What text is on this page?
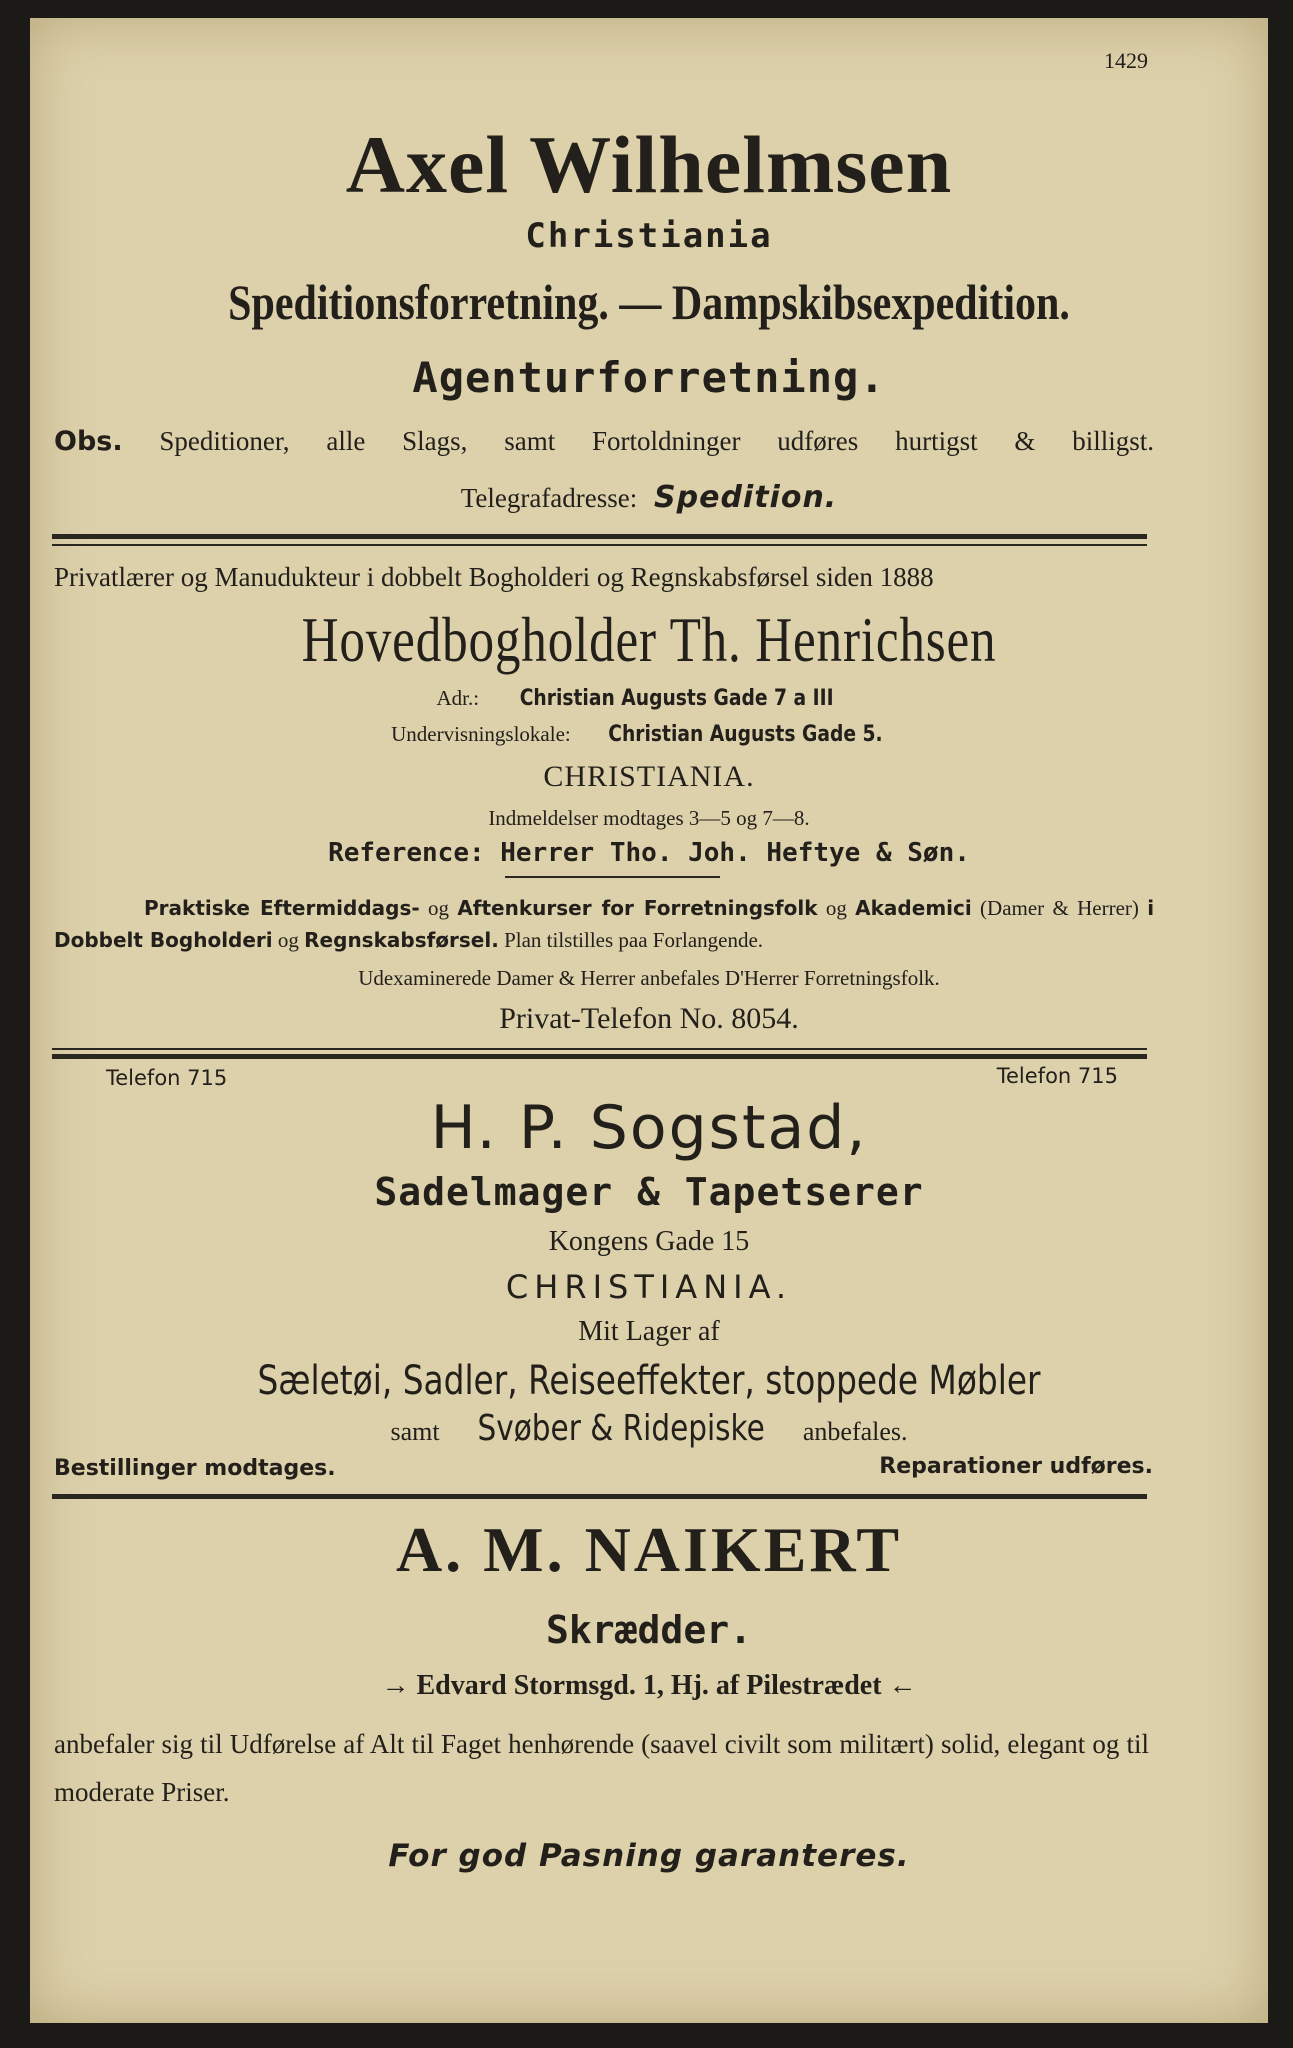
1429
Axel Wilhelmsen
Christiania
Speditionsforretning. — Dampskibsexpedition.
Agenturforretning.
Obs. Speditioner, alle Slags, samt Fortoldninger udføres hurtigst & billigst.
Telegrafadresse: Spedition.
Privatlærer og Manudukteur i dobbelt Bogholderi og Regnskabsførsel siden 1888
Hovedbogholder Th. Henrichsen
Adr.: Christian Augusts Gade 7 a III
Undervisningslokale: Christian Augusts Gade 5.
CHRISTIANIA.
Indmeldelser modtages 3—5 og 7—8.
Reference: Herrer Tho. Joh. Heftye & Søn.
Praktiske Eftermiddags- og Aftenkurser for Forretningsfolk og Akademici (Damer & Herrer) i Dobbelt Bogholderi og Regnskabsførsel. Plan tilstilles paa Forlangende.
Udexaminerede Damer & Herrer anbefales D'Herrer Forretningsfolk.
Privat-Telefon No. 8054.
Telefon 715	Telefon 715
H. P. Sogstad,
Sadelmager & Tapetserer
Kongens Gade 15
CHRISTIANIA.
Mit Lager af
Sæletøi, Sadler, Reiseeffekter, stoppede Møbler
samt Svøber & Ridepiske anbefales.
Bestillinger modtages.	Reparationer udføres.
A. M. NAIKERT
Skrædder.
→ Edvard Stormsgd. 1, Hj. af Pilestrædet ←
anbefaler sig til Udførelse af Alt til Faget henhørende (saavel civilt som militært) solid, elegant og til moderate Priser.
For god Pasning garanteres.
